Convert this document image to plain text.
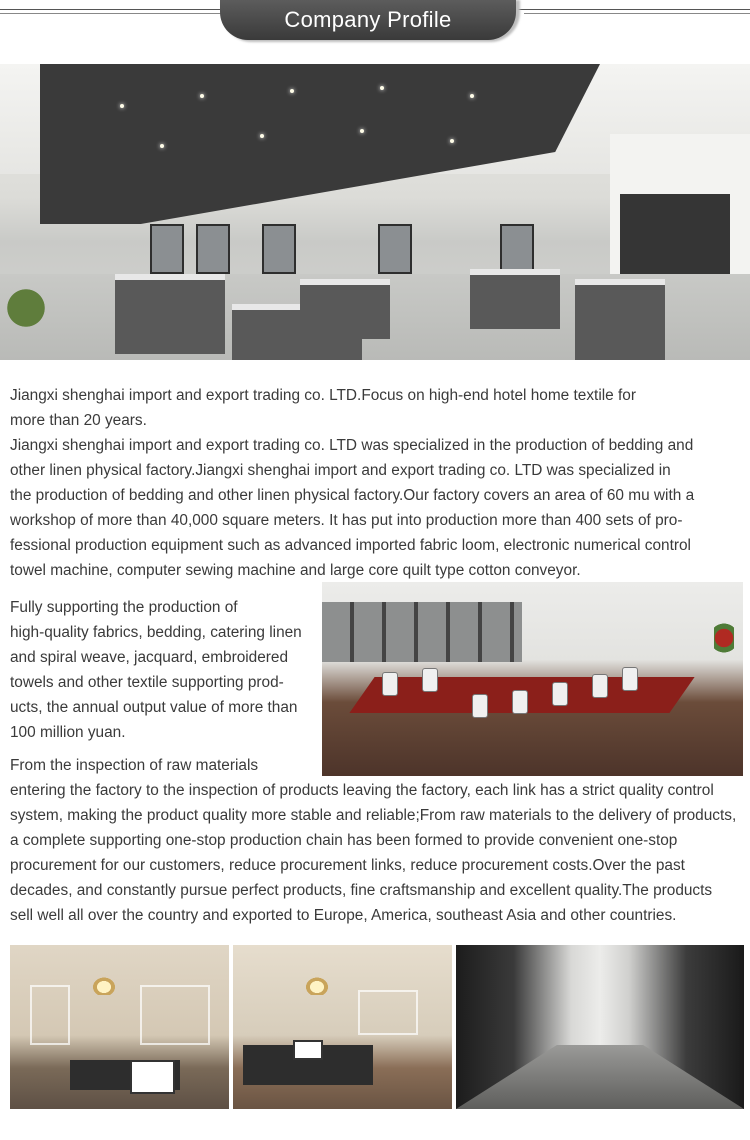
Company Profile
Jiangxi shenghai import and export trading co. LTD.Focus on high-end hotel home textile for
more than 20 years.
Jiangxi shenghai import and export trading co. LTD was specialized in the production of bedding and
other linen physical factory.Jiangxi shenghai import and export trading co. LTD was specialized in
the production of bedding and other linen physical factory.Our factory covers an area of 60 mu with a
workshop of more than 40,000 square meters. It has put into production more than 400 sets of pro-
fessional production equipment such as advanced imported fabric loom, electronic numerical control
towel machine, computer sewing machine and large core quilt type cotton conveyor.
Fully supporting the production of
high-quality fabrics, bedding, catering linen
and spiral weave, jacquard, embroidered
towels and other textile supporting prod-
ucts, the annual output value of more than
100 million yuan.
From the inspection of raw materials
entering the factory to the inspection of products leaving the factory, each link has a strict quality control
system, making the product quality more stable and reliable;From raw materials to the delivery of products,
a complete supporting one-stop production chain has been formed to provide convenient one-stop
procurement for our customers, reduce procurement links, reduce procurement costs.Over the past
decades, and constantly pursue perfect products, fine craftsmanship and excellent quality.The products
sell well all over the country and exported to Europe, America, southeast Asia and other countries.
